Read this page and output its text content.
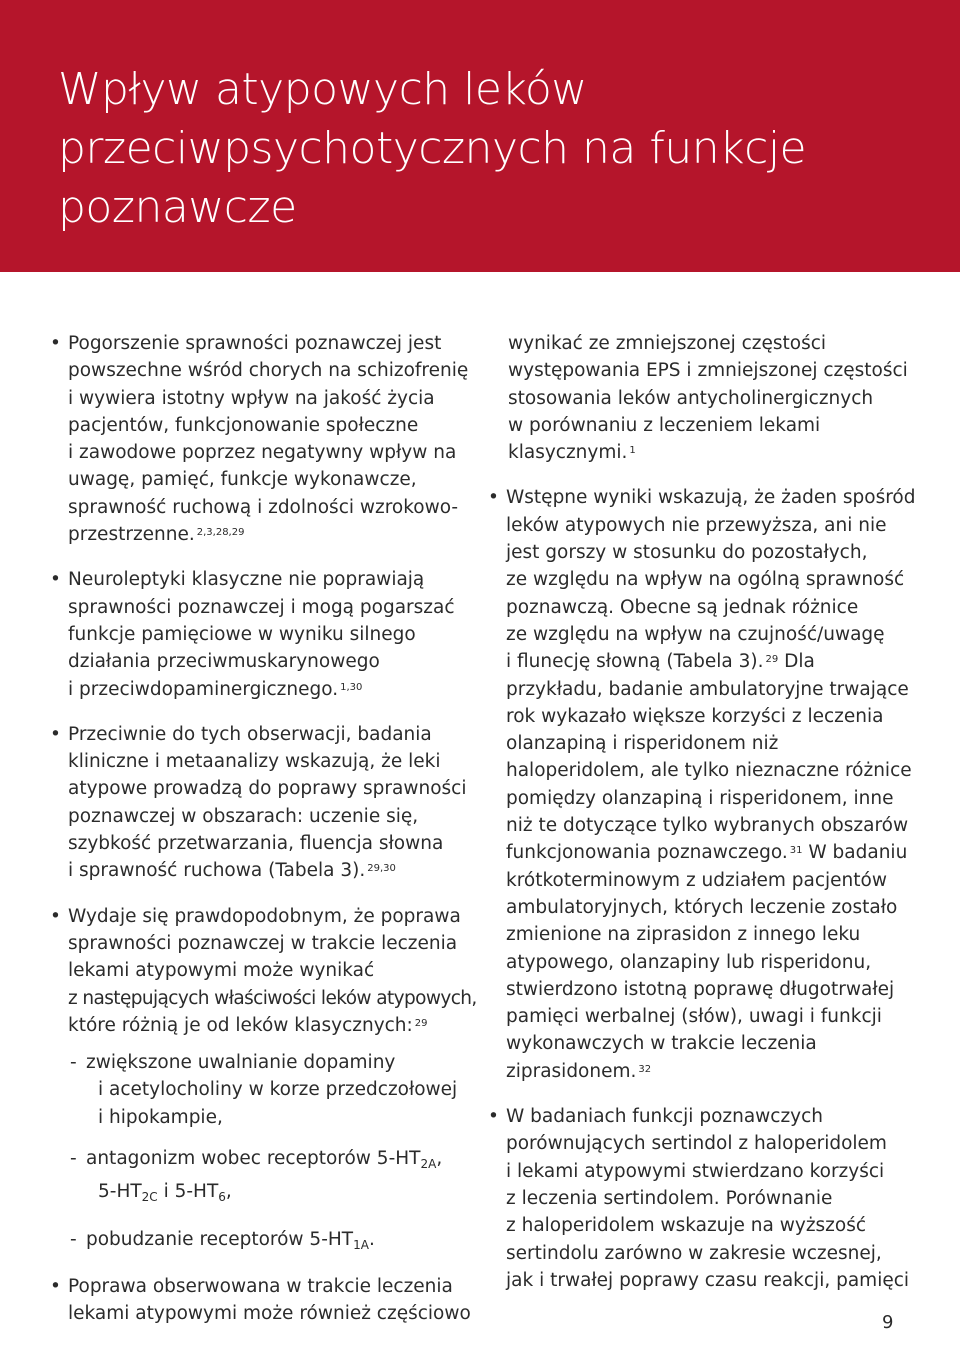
Wpływ atypowych leków
przeciwpsychotycznych na funkcje
poznawcze
• Pogorszenie sprawności poznawczej jest
powszechne wśród chorych na schizofrenię
i wywiera istotny wpływ na jakość życia
pacjentów, funkcjonowanie społeczne
i zawodowe poprzez negatywny wpływ na
uwagę, pamięć, funkcje wykonawcze,
sprawność ruchową i zdolności wzrokowo-
przestrzenne. $^{2,3,28,29}$
• Neuroleptyki klasyczne nie poprawiają
sprawności poznawczej i mogą pogarszać
funkcje pamięciowe w wyniku silnego
działania przeciwmuskarynowego
i przeciwdopaminergicznego. $^{1,30}$
• Przeciwnie do tych obserwacji, badania
kliniczne i metaanalizy wskazują, że leki
atypowe prowadzą do poprawy sprawności
poznawczej w obszarach: uczenie się,
szybkość przetwarzania, fluencja słowna
i sprawność ruchowa (Tabela 3). $^{29,30}$
• Wydaje się prawdopodobnym, że poprawa
sprawności poznawczej w trakcie leczenia
lekami atypowymi może wynikać
z następujących właściwości leków atypowych,
które różnią je od leków klasycznych: $^{29}$
- zwiększone uwalnianie dopaminy
i acetylocholiny w korze przedczołowej
i hipokampie,
- antagonizm wobec receptorów $5-HT_{2A}$,
$5-HT_{2C}$ i $5-HT_6$,
- pobudzanie receptorów $5-HT_{1A}$.
• Poprawa obserwowana w trakcie leczenia
lekami atypowymi może również częściowo
wynikać ze zmniejszonej częstości
występowania EPS i zmniejszonej częstości
stosowania leków antycholinergicznych
w porównaniu z leczeniem lekami
klasycznymi. $^1$
• Wstępne wyniki wskazują, że żaden spośród
leków atypowych nie przewyższa, ani nie
jest gorszy w stosunku do pozostałych,
ze względu na wpływ na ogólną sprawność
poznawczą. Obecne są jednak różnice
ze względu na wpływ na czujność/uwagę
i flunecję słowną (Tabela 3). $^{29}$ Dla
przykładu, badanie ambulatoryjne trwające
rok wykazało większe korzyści z leczenia
olanzapiną i risperidonem niż
haloperidolem, ale tylko nieznaczne różnice
pomiędzy olanzapiną i risperidonem, inne
niż te dotyczące tylko wybranych obszarów
funkcjonowania poznawczego. $^{31}$ W badaniu
krótkoterminowym z udziałem pacjentów
ambulatoryjnych, których leczenie zostało
zmienione na ziprasidon z innego leku
atypowego, olanzapiny lub risperidonu,
stwierdzono istotną poprawę długotrwałej
pamięci werbalnej (słów), uwagi i funkcji
wykonawczych w trakcie leczenia
ziprasidonem. $^{32}$
• W badaniach funkcji poznawczych
porównujących sertindol z haloperidolem
i lekami atypowymi stwierdzano korzyści
z leczenia sertindolem. Porównanie
z haloperidolem wskazuje na wyższość
sertindolu zarówno w zakresie wczesnej,
jak i trwałej poprawy czasu reakcji, pamięci
9
